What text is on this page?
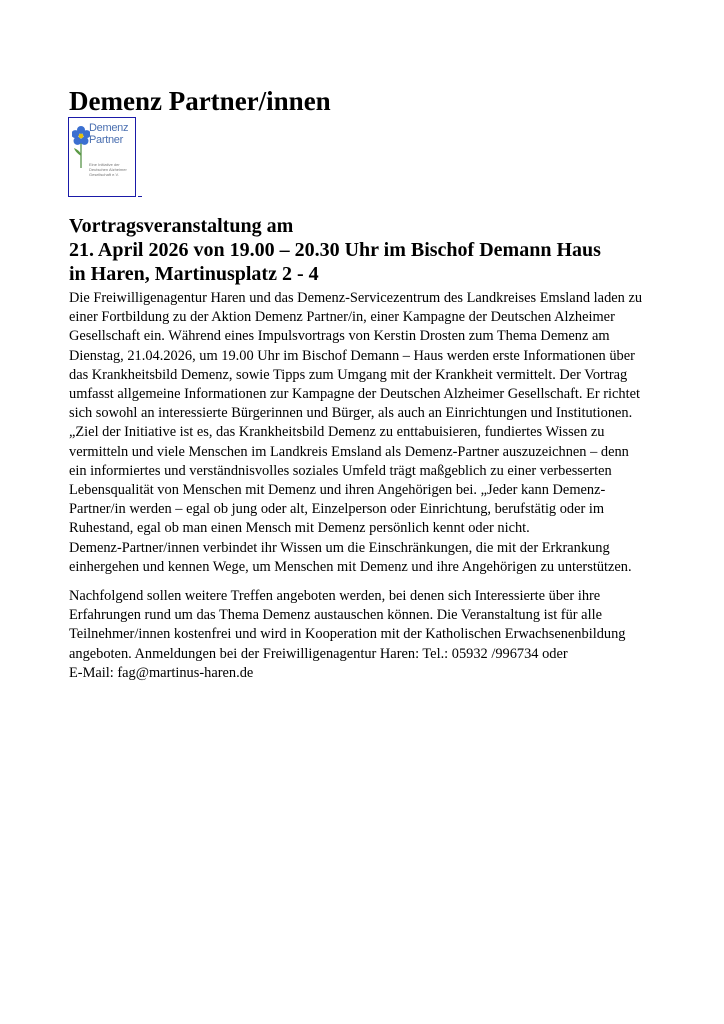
Demenz Partner/innen
Demenz
Partner
Eine Initiative der
Deutschen Alzheimer Gesellschaft e.V.
Vortragsveranstaltung am
21. April 2026 von 19.00 – 20.30 Uhr im Bischof Demann Haus
in Haren, Martinusplatz 2 - 4

Die Freiwilligenagentur Haren und das Demenz-Servicezentrum des Landkreises Emsland laden zu
einer Fortbildung zu der Aktion Demenz Partner/in, einer Kampagne der Deutschen Alzheimer
Gesellschaft ein. Während eines Impulsvortrags von Kerstin Drosten zum Thema Demenz am
Dienstag, 21.04.2026, um 19.00 Uhr im Bischof Demann – Haus werden erste Informationen über
das Krankheitsbild Demenz, sowie Tipps zum Umgang mit der Krankheit vermittelt. Der Vortrag
umfasst allgemeine Informationen zur Kampagne der Deutschen Alzheimer Gesellschaft. Er richtet
sich sowohl an interessierte Bürgerinnen und Bürger, als auch an Einrichtungen und Institutionen.
„Ziel der Initiative ist es, das Krankheitsbild Demenz zu enttabuisieren, fundiertes Wissen zu
vermitteln und viele Menschen im Landkreis Emsland als Demenz-Partner auszuzeichnen – denn
ein informiertes und verständnisvolles soziales Umfeld trägt maßgeblich zu einer verbesserten
Lebensqualität von Menschen mit Demenz und ihren Angehörigen bei. „Jeder kann Demenz-
Partner/in werden – egal ob jung oder alt, Einzelperson oder Einrichtung, berufstätig oder im
Ruhestand, egal ob man einen Mensch mit Demenz persönlich kennt oder nicht.
Demenz-Partner/innen verbindet ihr Wissen um die Einschränkungen, die mit der Erkrankung
einhergehen und kennen Wege, um Menschen mit Demenz und ihre Angehörigen zu unterstützen.

Nachfolgend sollen weitere Treffen angeboten werden, bei denen sich Interessierte über ihre
Erfahrungen rund um das Thema Demenz austauschen können. Die Veranstaltung ist für alle
Teilnehmer/innen kostenfrei und wird in Kooperation mit der Katholischen Erwachsenenbildung
angeboten. Anmeldungen bei der Freiwilligenagentur Haren: Tel.: 05932 /996734 oder
E-Mail: fag@martinus-haren.de
